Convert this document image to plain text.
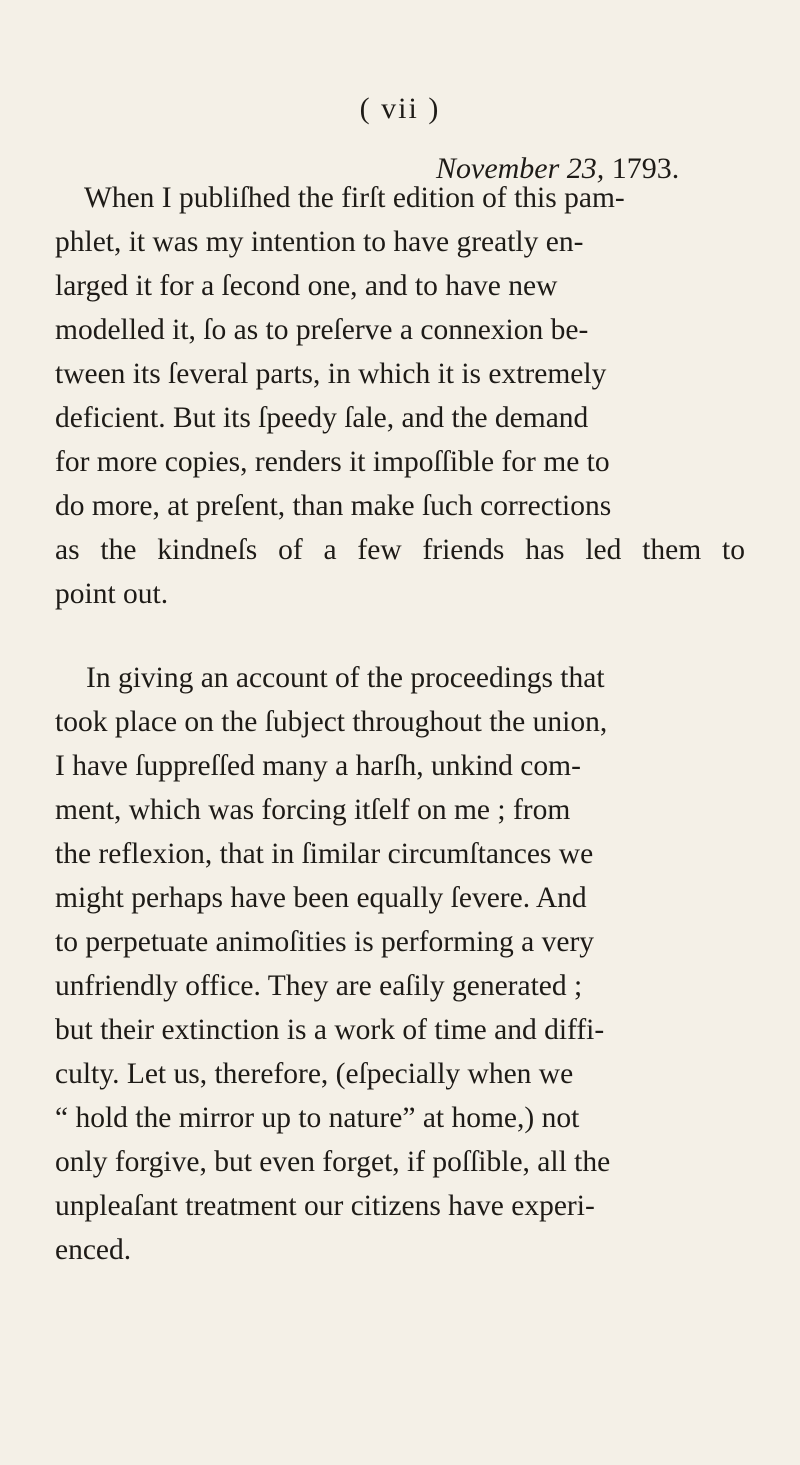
( vii )
November 23, 1793.
When I publiſhed the firſt edition of this pam-
phlet, it was my intention to have greatly en-
larged it for a ſecond one, and to have new
modelled it, ſo as to preſerve a connexion be-
tween its ſeveral parts, in which it is extremely
deficient. But its ſpeedy ſale, and the demand
for more copies, renders it impoſſible for me to
do more, at preſent, than make ſuch corrections
as the kindneſs of a few friends has led them to
point out.
In giving an account of the proceedings that
took place on the ſubject throughout the union,
I have ſuppreſſed many a harſh, unkind com-
ment, which was forcing itſelf on me ; from
the reflexion, that in ſimilar circumſtances we
might perhaps have been equally ſevere. And
to perpetuate animoſities is performing a very
unfriendly office. They are eaſily generated ;
but their extinction is a work of time and diffi-
culty. Let us, therefore, (eſpecially when we
“ hold the mirror up to nature” at home,) not
only forgive, but even forget, if poſſible, all the
unpleaſant treatment our citizens have experi-
enced.
